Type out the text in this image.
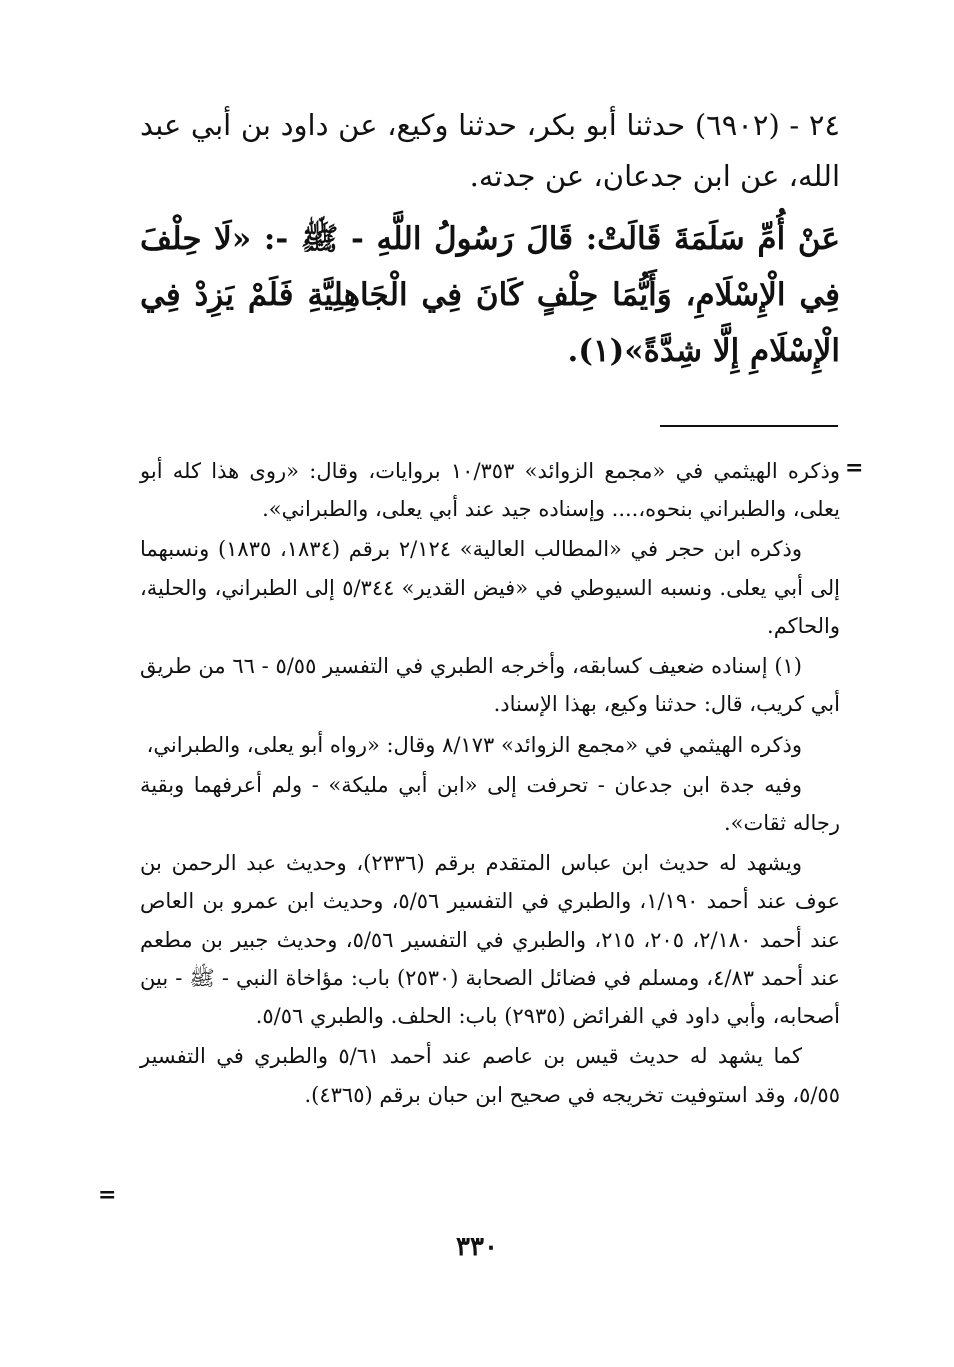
٢٤ - (٦٩٠٢) حدثنا أبو بكر، حدثنا وكيع، عن داود بن أبي عبد الله، عن ابن جدعان، عن جدته.
عَنْ أُمِّ سَلَمَةَ قَالَتْ: قَالَ رَسُولُ اللَّهِ - ﷺ -: «لَا حِلْفَ فِي الْإِسْلَامِ، وَأَيُّمَا حِلْفٍ كَانَ فِي الْجَاهِلِيَّةِ فَلَمْ يَزِدْ فِي الْإِسْلَامِ إِلَّا شِدَّةً»(١).
=

وذكره الهيثمي في «مجمع الزوائد» ١٠/٣٥٣ بروايات، وقال: «روى هذا كله أبو يعلى، والطبراني بنحوه،.... وإسناده جيد عند أبي يعلى، والطبراني».

وذكره ابن حجر في «المطالب العالية» ٢/١٢٤ برقم (١٨٣٤، ١٨٣٥) ونسبهما إلى أبي يعلى. ونسبه السيوطي في «فيض القدير» ٥/٣٤٤ إلى الطبراني، والحلية، والحاكم.

(١) إسناده ضعيف كسابقه، وأخرجه الطبري في التفسير ٥/٥٥ - ٦٦ من طريق أبي كريب، قال: حدثنا وكيع، بهذا الإسناد.

وذكره الهيثمي في «مجمع الزوائد» ٨/١٧٣ وقال: «رواه أبو يعلى، والطبراني،

وفيه جدة ابن جدعان - تحرفت إلى «ابن أبي مليكة» - ولم أعرفهما وبقية رجاله ثقات».

ويشهد له حديث ابن عباس المتقدم برقم (٢٣٣٦)، وحديث عبد الرحمن بن عوف عند أحمد ١/١٩٠، والطبري في التفسير ٥/٥٦، وحديث ابن عمرو بن العاص عند أحمد ٢/١٨٠، ٢٠٥، ٢١٥، والطبري في التفسير ٥/٥٦، وحديث جبير بن مطعم عند أحمد ٤/٨٣، ومسلم في فضائل الصحابة (٢٥٣٠) باب: مؤاخاة النبي - ﷺ - بين أصحابه، وأبي داود في الفرائض (٢٩٣٥) باب: الحلف. والطبري ٥/٥٦.

كما يشهد له حديث قيس بن عاصم عند أحمد ٥/٦١ والطبري في التفسير ٥/٥٥، وقد استوفيت تخريجه في صحيح ابن حبان برقم (٤٣٦٥).

=
٣٣٠
